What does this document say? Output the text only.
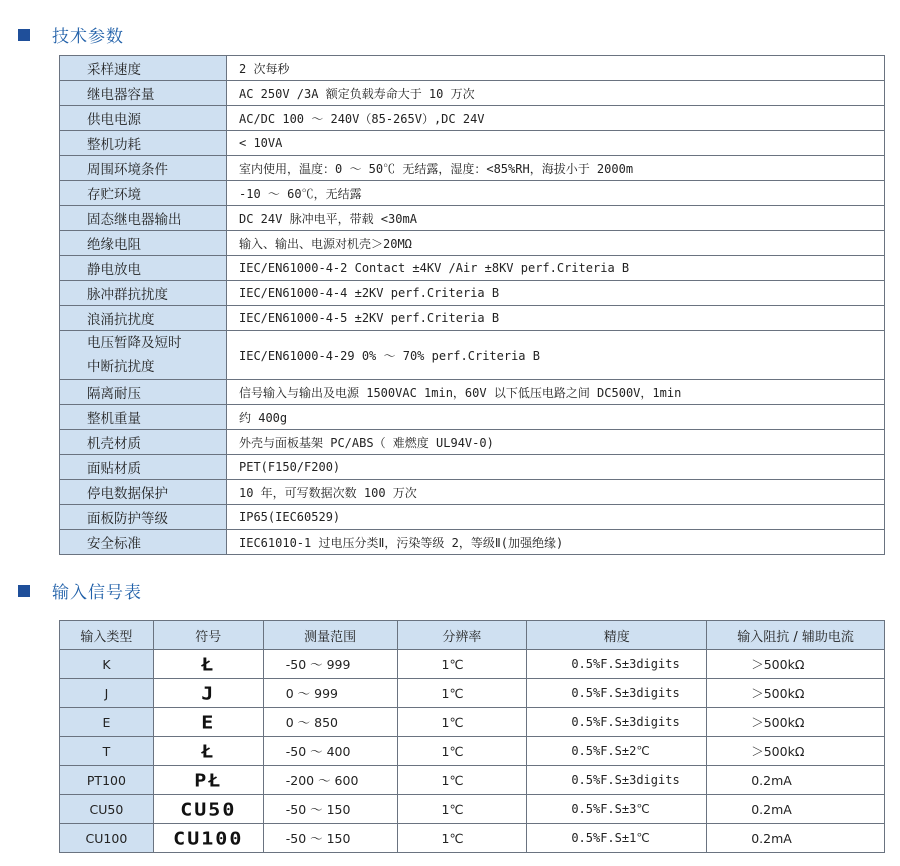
技术参数
采样速度	2 次每秒
继电器容量	AC 250V /3A 额定负载寿命大于 10 万次
供电电源	AC/DC 100 ～ 240V（85-265V）,DC 24V
整机功耗	< 10VA
周围环境条件	室内使用，温度：0 ～ 50℃ 无结露，湿度：<85%RH，海拔小于 2000m
存贮环境	-10 ～ 60℃，无结露
固态继电器输出	DC 24V 脉冲电平，带载 <30mA
绝缘电阻	输入、输出、电源对机壳＞20MΩ
静电放电	IEC/EN61000-4-2 Contact ±4KV /Air ±8KV perf.Criteria B
脉冲群抗扰度	IEC/EN61000-4-4 ±2KV perf.Criteria B
浪涌抗扰度	IEC/EN61000-4-5 ±2KV perf.Criteria B

电压暂降及短时
中断抗扰度	IEC/EN61000-4-29 0% ～ 70% perf.Criteria B
隔离耐压	信号输入与输出及电源 1500VAC 1min，60V 以下低压电路之间 DC500V，1min
整机重量	约 400g
机壳材质	外壳与面板基架 PC/ABS（ 难燃度 UL94V-0)
面贴材质	PET(F150/F200)
停电数据保护	10 年，可写数据次数 100 万次
面板防护等级	IP65(IEC60529)
安全标准	IEC61010-1 过电压分类Ⅱ，污染等级 2，等级Ⅱ(加强绝缘)
输入信号表
输入类型	符号	测量范围	分辨率	精度	输入阻抗 / 辅助电流
K	Ł	-50 ～ 999	1℃	0.5%F.S±3digits	＞500kΩ
J	J	0 ～ 999	1℃	0.5%F.S±3digits	＞500kΩ
E	E	0 ～ 850	1℃	0.5%F.S±3digits	＞500kΩ
T	Ł	-50 ～ 400	1℃	0.5%F.S±2℃	＞500kΩ
PT100	PŁ	-200 ～ 600	1℃	0.5%F.S±3digits	0.2mA
CU50	CU50	-50 ～ 150	1℃	0.5%F.S±3℃	0.2mA
CU100	CU100	-50 ～ 150	1℃	0.5%F.S±1℃	0.2mA
